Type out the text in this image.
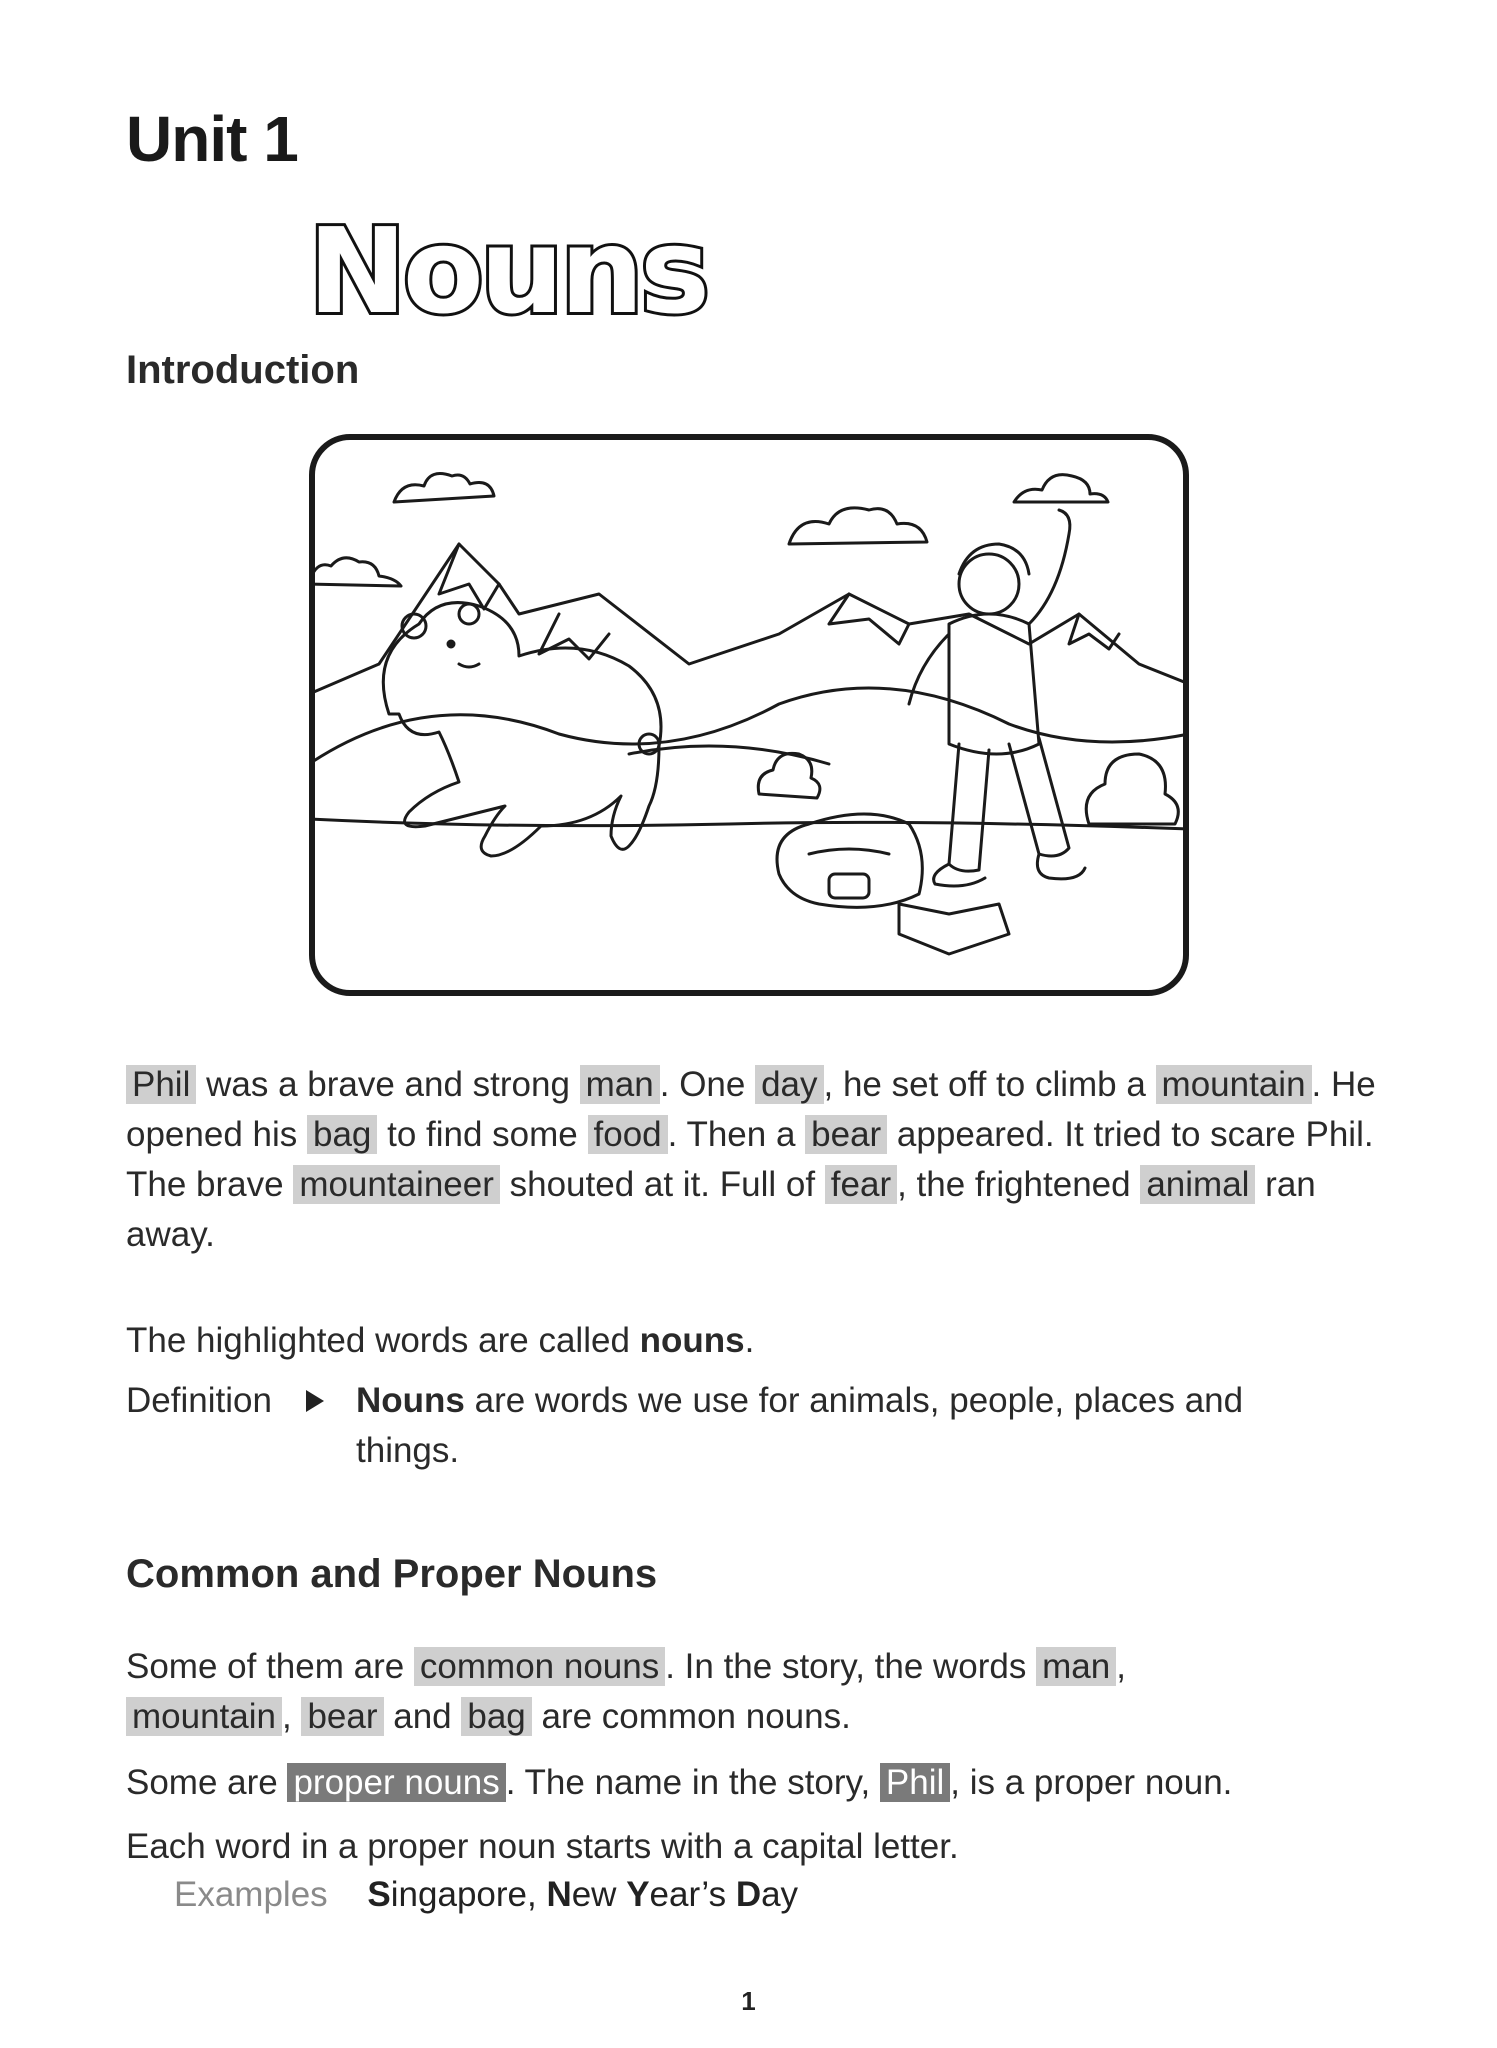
Unit 1
Nouns
Introduction
Phil was a brave and strong man . One day , he set off to climb a mountain . He opened his bag to find some food . Then a bear appeared. It tried to scare Phil. The brave mountaineer shouted at it. Full of fear , the frightened animal ran away.
The highlighted words are called nouns.
Definition Nouns are words we use for animals, people, places and things.
Common and Proper Nouns
Some of them are common nouns . In the story, the words man ,
mountain , bear and bag are common nouns.
Some are proper nouns . The name in the story, Phil , is a proper noun.
Each word in a proper noun starts with a capital letter.
Examples Singapore, New Year’s Day
1
